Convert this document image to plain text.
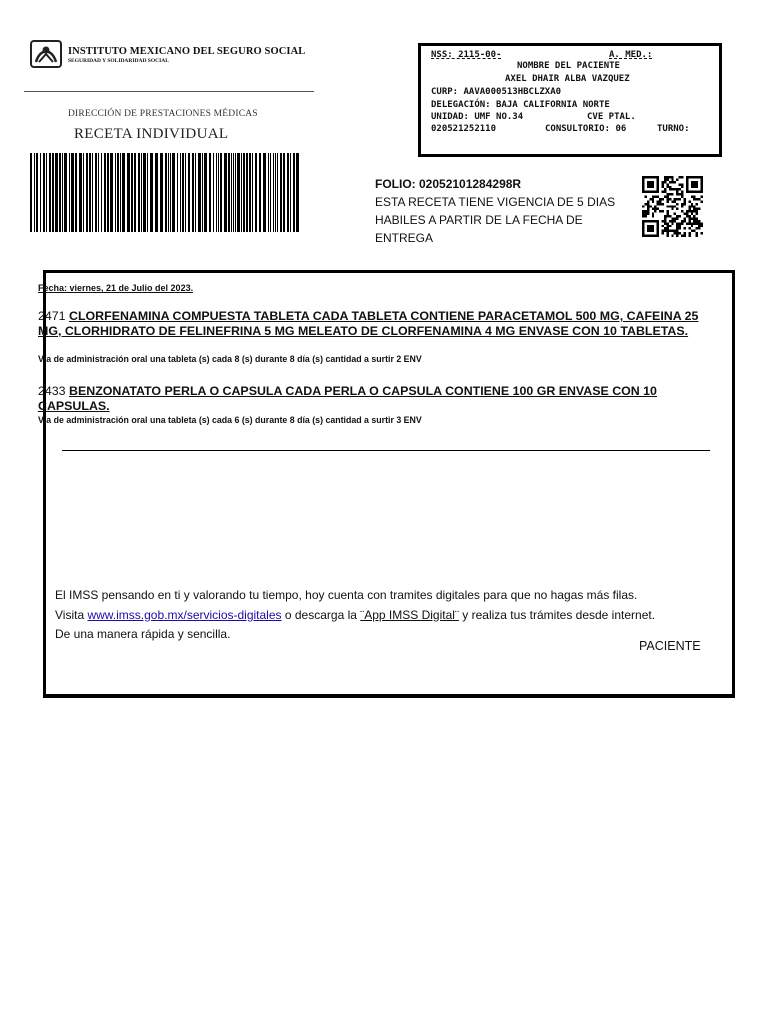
INSTITUTO MEXICANO DEL SEGURO SOCIAL
SEGURIDAD Y SOLIDARIDAD SOCIAL
DIRECCIÓN DE PRESTACIONES MÉDICAS
RECETA INDIVIDUAL
NSS: 2115-00-	A. MED.:
NOMBRE DEL PACIENTE
AXEL DHAIR ALBA VAZQUEZ
CURP: AAVA000513HBCLZXA0
DELEGACIÓN: BAJA CALIFORNIA NORTE
UNIDAD: UMF NO.34	CVE PTAL.
020521252110	CONSULTORIO: 06	TURNO:
FOLIO: 02052101284298R
ESTA RECETA TIENE VIGENCIA DE 5 DIAS HABILES A PARTIR DE LA FECHA DE ENTREGA
Fecha: viernes, 21 de Julio del 2023.
2471 CLORFENAMINA COMPUESTA TABLETA CADA TABLETA CONTIENE PARACETAMOL 500 MG, CAFEINA 25 MG, CLORHIDRATO DE FELINEFRINA 5 MG MELEATO DE CLORFENAMINA 4 MG ENVASE CON 10 TABLETAS.
Vía de administración oral una tableta (s) cada 8 (s) durante 8 día (s) cantidad a surtir 2 ENV
2433 BENZONATATO PERLA O CAPSULA CADA PERLA O CAPSULA CONTIENE 100 GR ENVASE CON 10 CAPSULAS.
Vía de administración oral una tableta (s) cada 6 (s) durante 8 día (s) cantidad a surtir 3 ENV
El IMSS pensando en ti y valorando tu tiempo, hoy cuenta con tramites digitales para que no hagas más filas.
Visita www.imss.gob.mx/servicios-digitales o descarga la ¨App IMSS Digital¨ y realiza tus trámites desde internet.
De una manera rápida y sencilla.
PACIENTE
